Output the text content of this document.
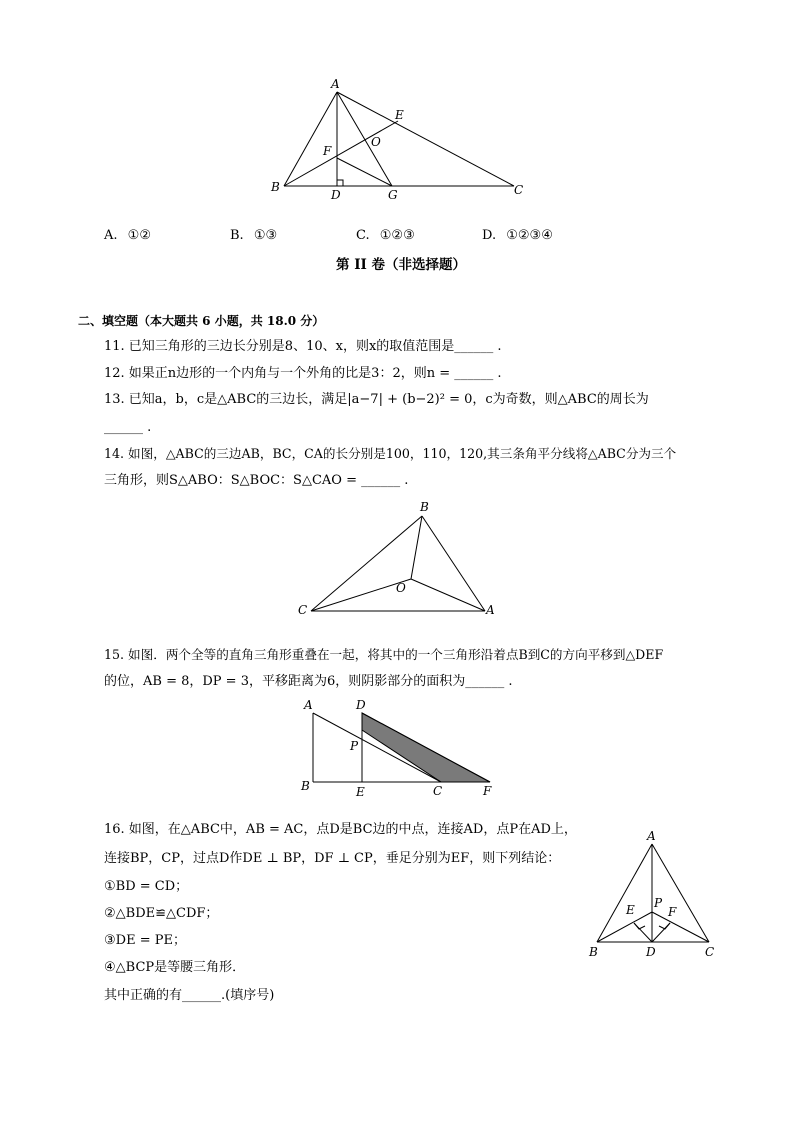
A
E
O
F
B
D	G	C
A. ①②	B. ①③	C. ①②③	D. ①②③④
第 II 卷（非选择题）
二、填空题（本大题共 6 小题，共 18.0 分）
11. 已知三角形的三边长分别是8、10、x，则x的取值范围是______ .
12. 如果正n边形的一个内角与一个外角的比是3：2，则n = ______ .
13. 已知a，b，c是△ABC的三边长，满足|a−7| + (b−2)² = 0，c为奇数，则△ABC的周长为
______ .
14. 如图，△ABC的三边AB，BC，CA的长分别是100，110，120,其三条角平分线将△ABC分为三个
三角形，则S△ABO：S△BOC：S△CAO = ______ .
B
O
C	A
15. 如图．两个全等的直角三角形重叠在一起，将其中的一个三角形沿着点B到C的方向平移到△DEF
的位，AB = 8，DP = 3，平移距离为6，则阴影部分的面积为______ .
A	D
P
B	E	C	F
16. 如图，在△ABC中，AB = AC，点D是BC边的中点，连接AD，点P在AD上，
连接BP，CP，过点D作DE ⊥ BP，DF ⊥ CP，垂足分别为EF，则下列结论：
①BD = CD；
②△BDE≌△CDF；
③DE = PE；
④△BCP是等腰三角形．
其中正确的有______.(填序号)
A
E P
F
B	D	C
